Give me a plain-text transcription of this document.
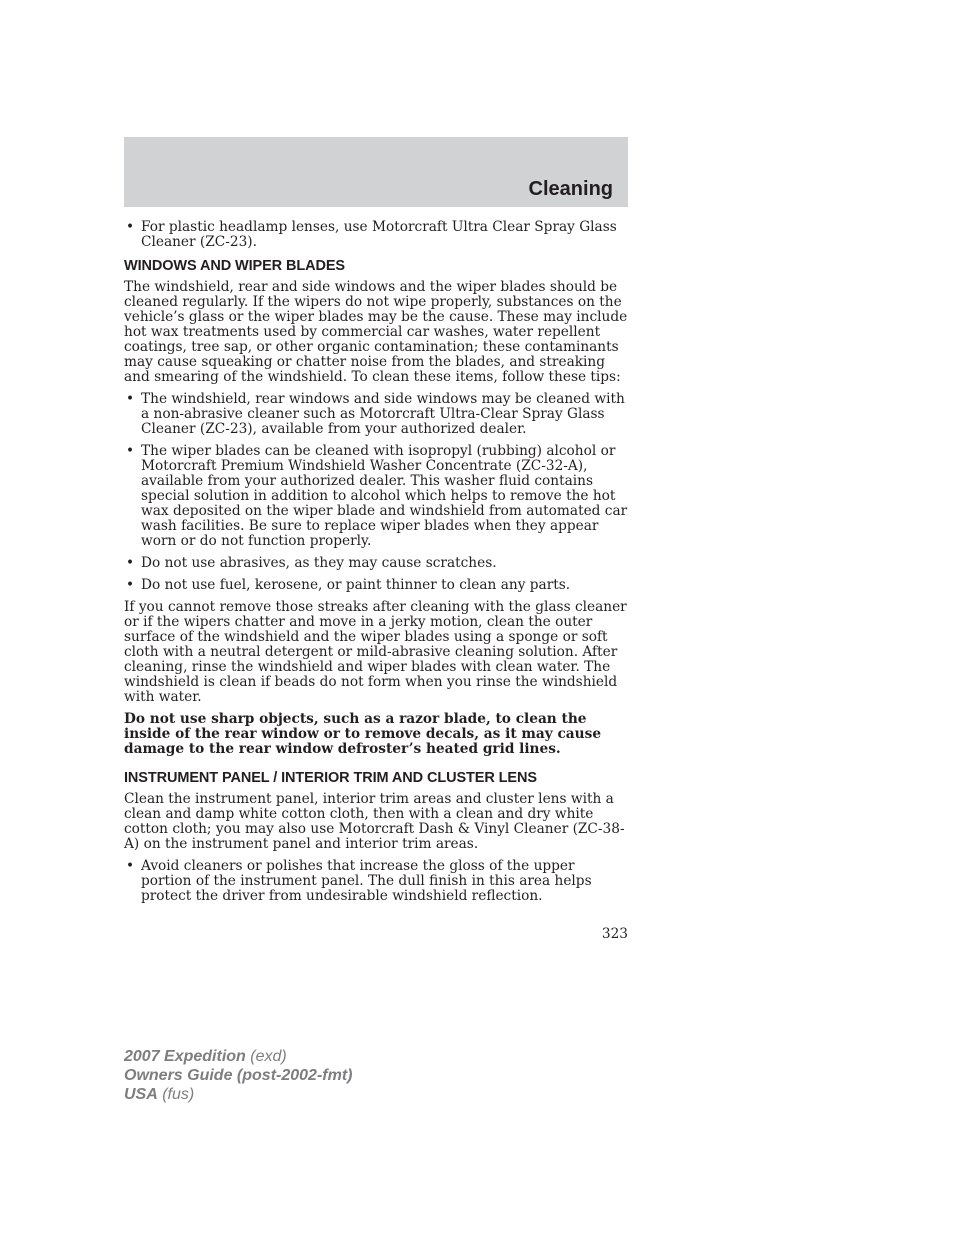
Cleaning
• For plastic headlamp lenses, use Motorcraft Ultra Clear Spray Glass Cleaner (ZC-23).
WINDOWS AND WIPER BLADES

The windshield, rear and side windows and the wiper blades should be cleaned regularly. If the wipers do not wipe properly, substances on the vehicle’s glass or the wiper blades may be the cause. These may include hot wax treatments used by commercial car washes, water repellent coatings, tree sap, or other organic contamination; these contaminants may cause squeaking or chatter noise from the blades, and streaking and smearing of the windshield. To clean these items, follow these tips:

• The windshield, rear windows and side windows may be cleaned with a non-abrasive cleaner such as Motorcraft Ultra-Clear Spray Glass Cleaner (ZC-23), available from your authorized dealer.
• The wiper blades can be cleaned with isopropyl (rubbing) alcohol or Motorcraft Premium Windshield Washer Concentrate (ZC-32-A), available from your authorized dealer. This washer fluid contains special solution in addition to alcohol which helps to remove the hot wax deposited on the wiper blade and windshield from automated car wash facilities. Be sure to replace wiper blades when they appear worn or do not function properly.
• Do not use abrasives, as they may cause scratches.
• Do not use fuel, kerosene, or paint thinner to clean any parts.

If you cannot remove those streaks after cleaning with the glass cleaner or if the wipers chatter and move in a jerky motion, clean the outer surface of the windshield and the wiper blades using a sponge or soft cloth with a neutral detergent or mild-abrasive cleaning solution. After cleaning, rinse the windshield and wiper blades with clean water. The windshield is clean if beads do not form when you rinse the windshield with water.

Do not use sharp objects, such as a razor blade, to clean the inside of the rear window or to remove decals, as it may cause damage to the rear window defroster’s heated grid lines.

INSTRUMENT PANEL / INTERIOR TRIM AND CLUSTER LENS

Clean the instrument panel, interior trim areas and cluster lens with a clean and damp white cotton cloth, then with a clean and dry white cotton cloth; you may also use Motorcraft Dash & Vinyl Cleaner (ZC-38-A) on the instrument panel and interior trim areas.

• Avoid cleaners or polishes that increase the gloss of the upper portion of the instrument panel. The dull finish in this area helps protect the driver from undesirable windshield reflection.
323
2007 Expedition (exd)
Owners Guide (post-2002-fmt)
USA (fus)
